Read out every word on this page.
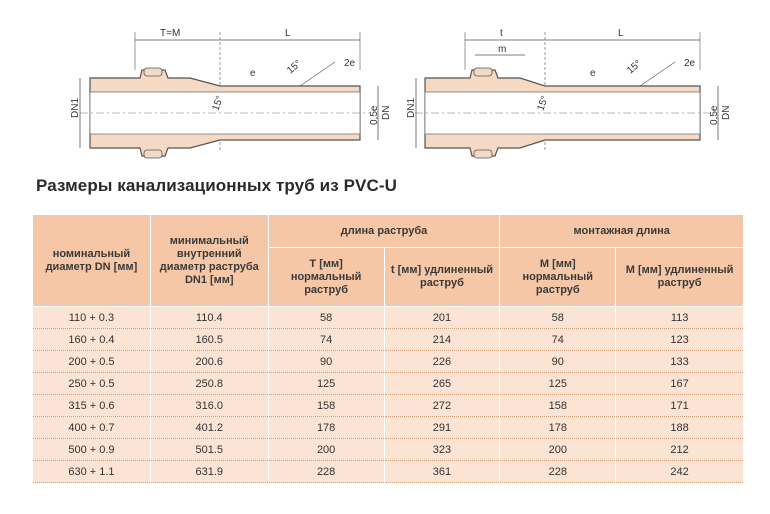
T=M	L
DN1	DN
0,5e
2e
e	15°
15°
t	L
m
DN1	DN
0,5e
2e
e	15°
15°
Размеры канализационных труб из PVC-U
номинальный диаметр DN [мм]	минимальный внутренний диаметр раструба DN1 [мм]	длина раструба		монтажная длина	
		T [мм] нормальный раструб	t [мм] удлиненный раструб	M [мм] нормальный раструб	M [мм] удлиненный раструб
110 + 0.3	110.4	58	201	58	113
160 + 0.4	160.5	74	214	74	123
200 + 0.5	200.6	90	226	90	133
250 + 0.5	250.8	125	265	125	167
315 + 0.6	316.0	158	272	158	171
400 + 0.7	401.2	178	291	178	188
500 + 0.9	501.5	200	323	200	212
630 + 1.1	631.9	228	361	228	242
